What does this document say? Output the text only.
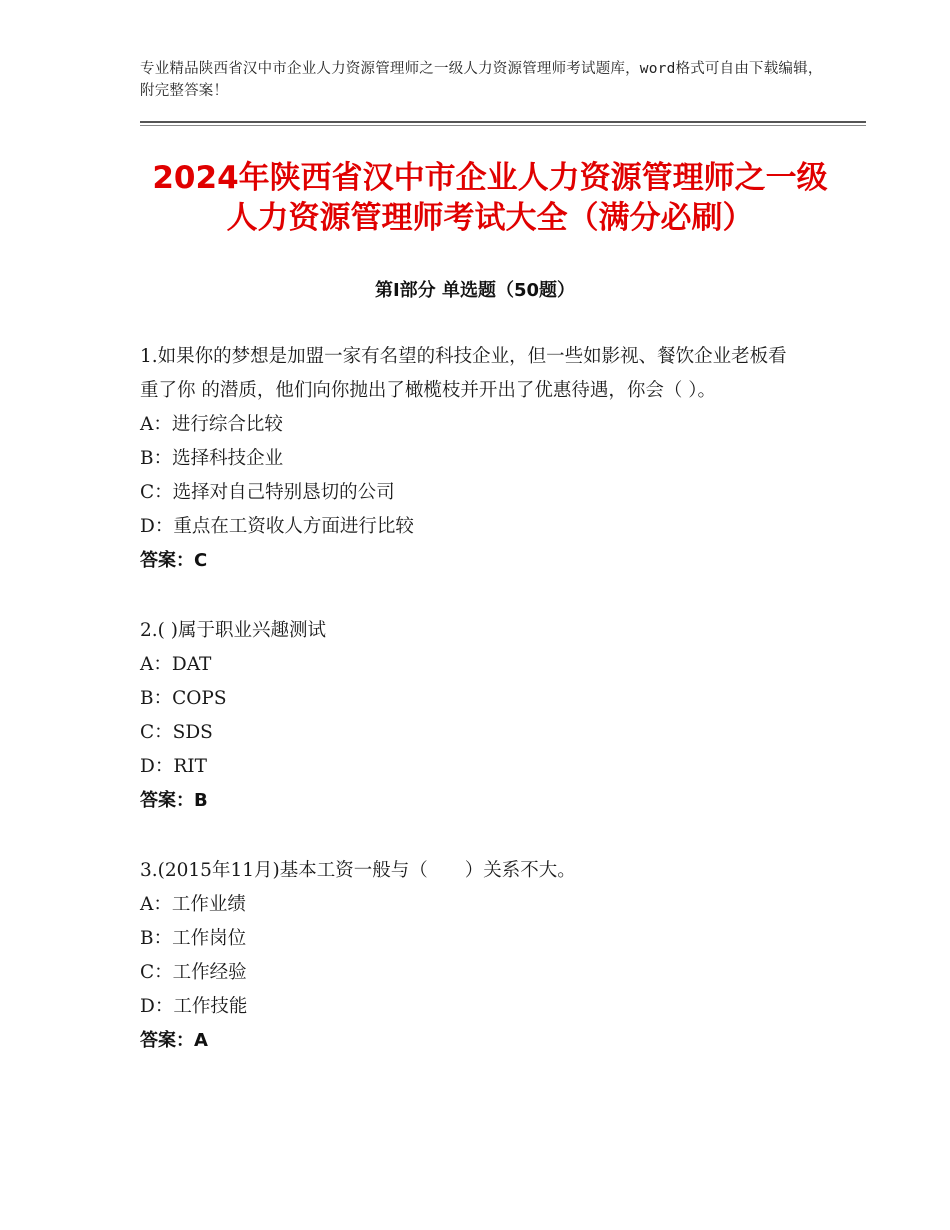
专业精品陕西省汉中市企业人力资源管理师之一级人力资源管理师考试题库，word格式可自由下载编辑，附完整答案！
2024年陕西省汉中市企业人力资源管理师之一级人力资源管理师考试大全（满分必刷）
第Ⅰ部分 单选题（50题）
1.如果你的梦想是加盟一家有名望的科技企业，但一些如影视、餐饮企业老板看重了你 的潜质，他们向你抛出了橄榄枝并开出了优惠待遇，你会（ ）。
A：进行综合比较
B：选择科技企业
C：选择对自己特别恳切的公司
D：重点在工资收人方面进行比较
答案：C
2.( )属于职业兴趣测试
A：DAT
B：COPS
C：SDS
D：RIT
答案：B
3.(2015年11月)基本工资一般与（　　）关系不大。
A：工作业绩
B：工作岗位
C：工作经验
D：工作技能
答案：A
